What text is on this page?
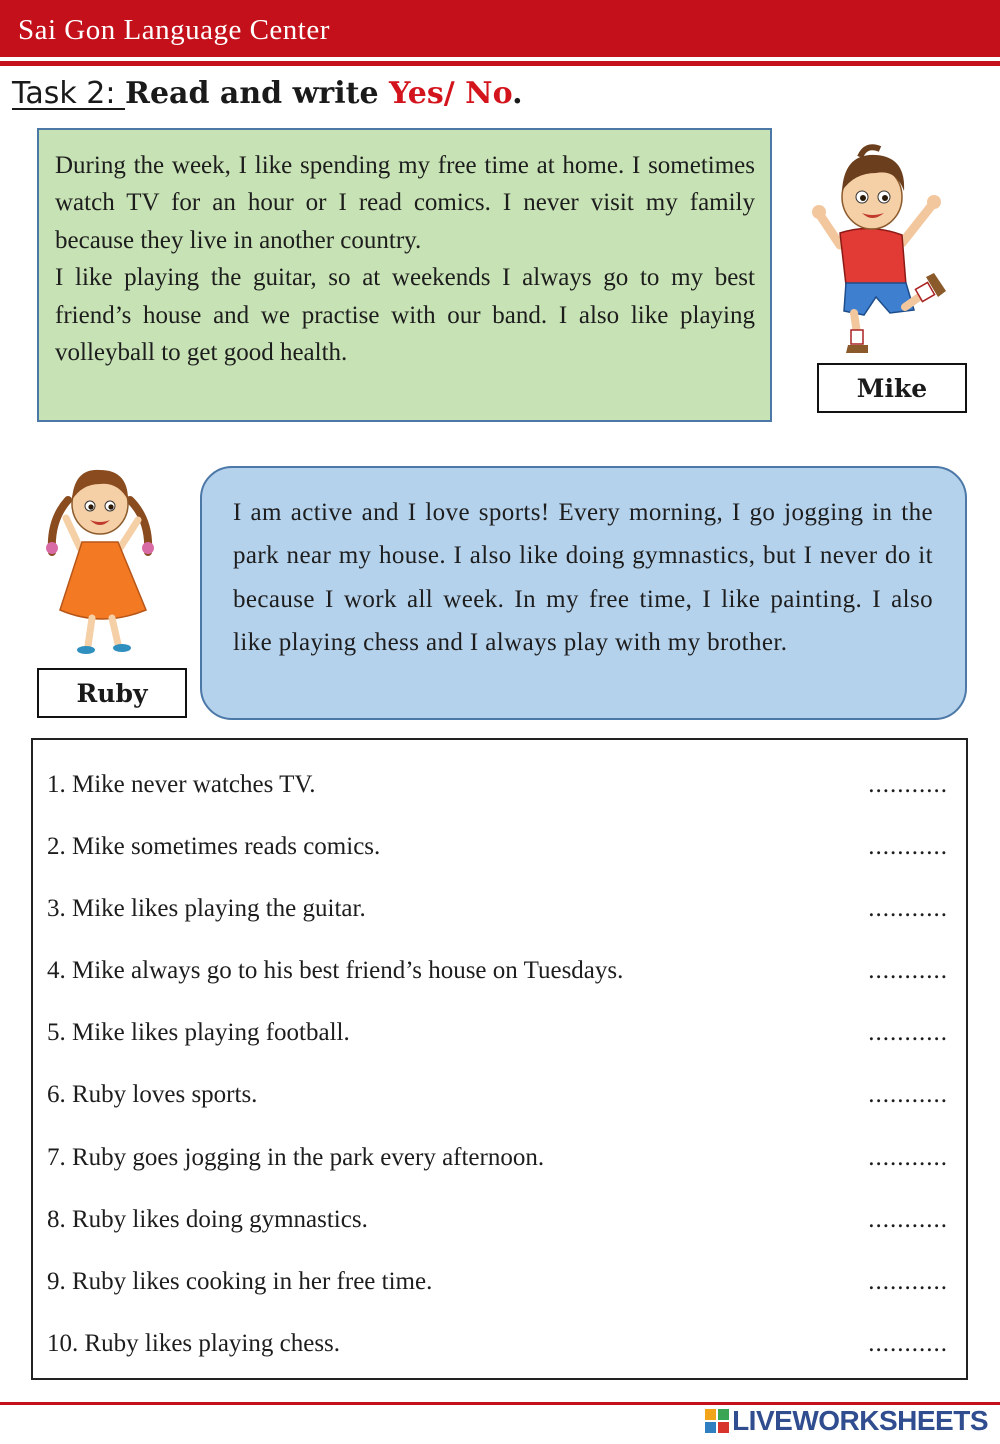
Sai Gon Language Center
Task 2: Read and write Yes/ No.

During the week, I like spending my free time at home. I sometimes watch TV for an hour or I read comics. I never visit my family because they live in another country.

I like playing the guitar, so at weekends I always go to my best friend’s house and we practise with our band. I also like playing volleyball to get good health.

Mike
Ruby
I am active and I love sports! Every morning, I go jogging in the park near my house. I also like doing gymnastics, but I never do it because I work all week. In my free time, I like painting. I also like playing chess and I always play with my brother.
1. Mike never watches TV.	...........
2. Mike sometimes reads comics.	...........
3. Mike likes playing the guitar.	...........
4. Mike always go to his best friend’s house on Tuesdays.	...........
5. Mike likes playing football.	...........
6. Ruby loves sports.	...........
7. Ruby goes jogging in the park every afternoon.	...........
8. Ruby likes doing gymnastics.	...........
9. Ruby likes cooking in her free time.	...........
10. Ruby likes playing chess.	...........
LIVEWORKSHEETS
